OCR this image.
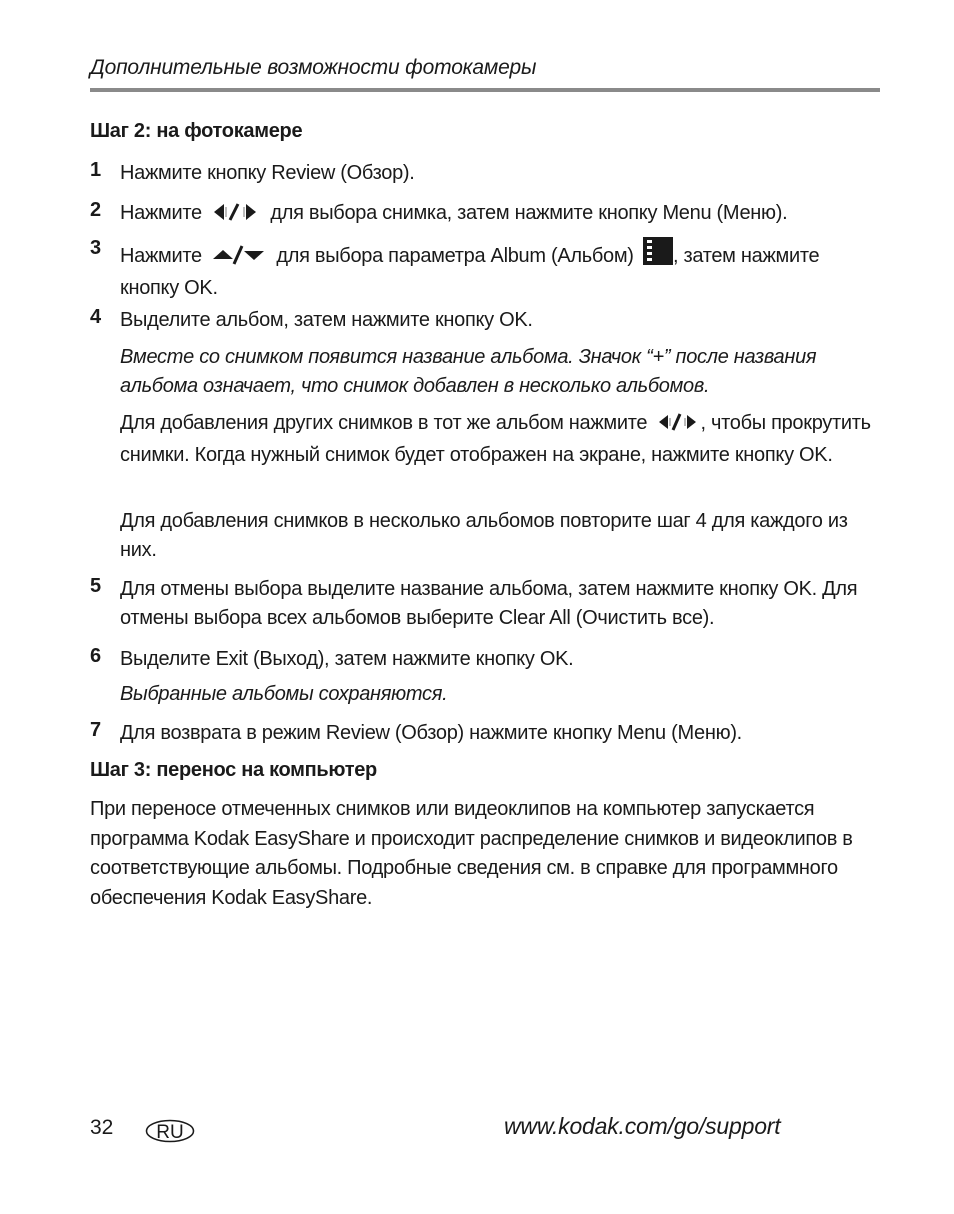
Дополнительные возможности фотокамеры
Шаг 2: на фотокамере
1 Нажмите кнопку Review (Обзор).
2 Нажмите	для выбора снимка, затем нажмите кнопку Menu (Меню).
3 Нажмите	для выбора параметра Album (Альбом) , затем нажмите кнопку OK.
4 Выделите альбом, затем нажмите кнопку OK.
Вместе со снимком появится название альбома. Значок “+” после названия альбома означает, что снимок добавлен в несколько альбомов.
Для добавления других снимков в тот же альбом нажмите	, чтобы прокрутить снимки. Когда нужный снимок будет отображен на экране, нажмите кнопку OK.
Для добавления снимков в несколько альбомов повторите шаг 4 для каждого из них.
5 Для отмены выбора выделите название альбома, затем нажмите кнопку OK. Для отмены выбора всех альбомов выберите Clear All (Очистить все).
6 Выделите Exit (Выход), затем нажмите кнопку OK.
Выбранные альбомы сохраняются.
7 Для возврата в режим Review (Обзор) нажмите кнопку Menu (Меню).
Шаг 3: перенос на компьютер
При переносе отмеченных снимков или видеоклипов на компьютер запускается программа Kodak EasyShare и происходит распределение снимков и видеоклипов в соответствующие альбомы. Подробные сведения см. в справке для программного обеспечения Kodak EasyShare.
32 RU	www.kodak.com/go/support
